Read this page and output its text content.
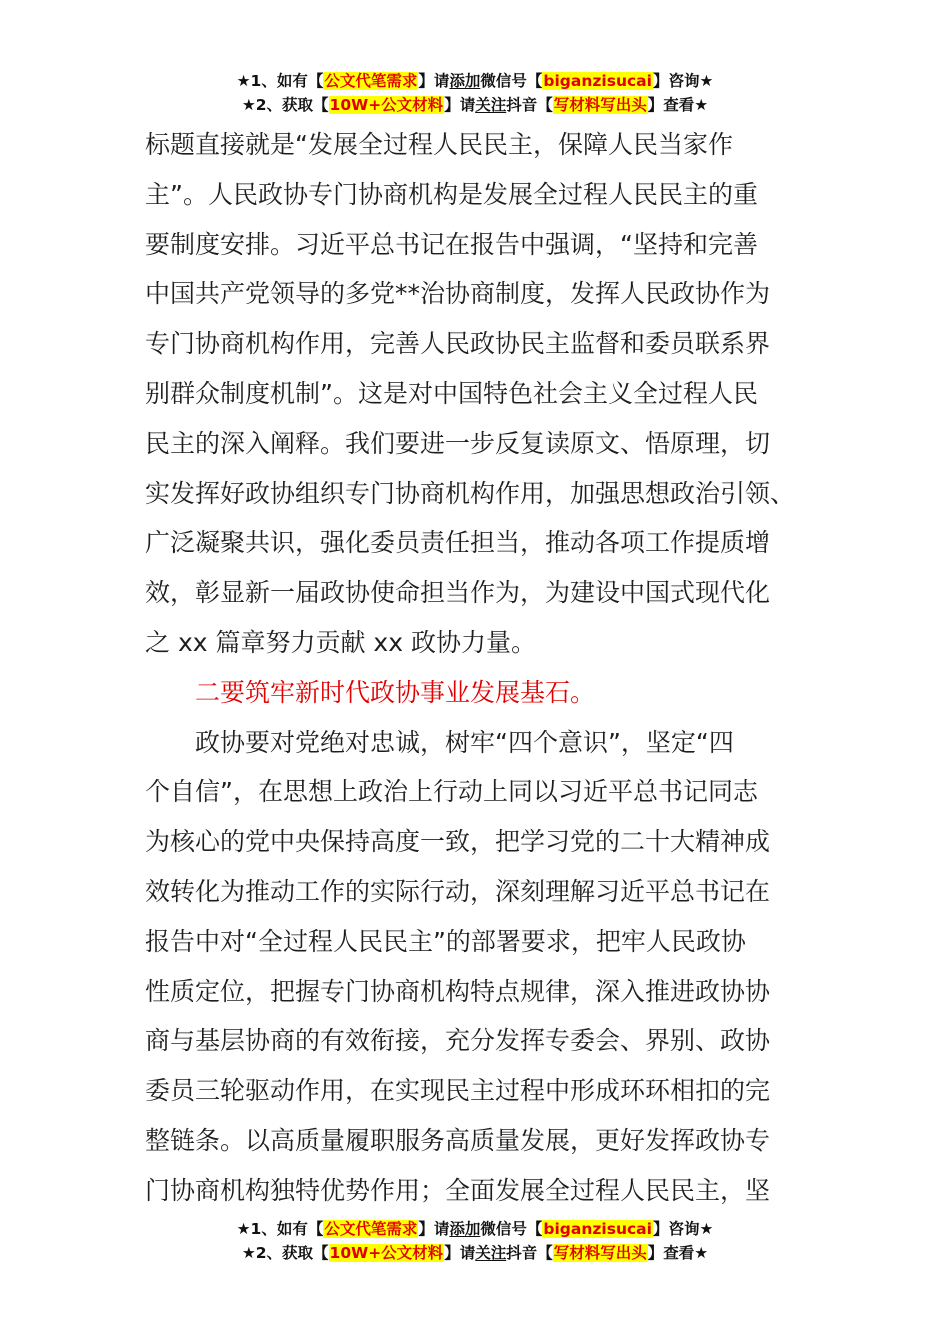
★1、如有【公文代笔需求】请添加微信号【biganzisucai】咨询★
★2、获取【10W+公文材料】请关注抖音【写材料写出头】查看★
标题直接就是“发展全过程人民民主，保障人民当家作
主”。人民政协专门协商机构是发展全过程人民民主的重
要制度安排。习近平总书记在报告中强调，“坚持和完善
中国共产党领导的多党**治协商制度，发挥人民政协作为
专门协商机构作用，完善人民政协民主监督和委员联系界
别群众制度机制”。这是对中国特色社会主义全过程人民
民主的深入阐释。我们要进一步反复读原文、悟原理，切
实发挥好政协组织专门协商机构作用，加强思想政治引领、
广泛凝聚共识，强化委员责任担当，推动各项工作提质增
效，彰显新一届政协使命担当作为，为建设中国式现代化
之 xx 篇章努力贡献 xx 政协力量。
二要筑牢新时代政协事业发展基石。
政协要对党绝对忠诚，树牢“四个意识”，坚定“四
个自信”，在思想上政治上行动上同以习近平总书记同志
为核心的党中央保持高度一致，把学习党的二十大精神成
效转化为推动工作的实际行动，深刻理解习近平总书记在
报告中对“全过程人民民主”的部署要求，把牢人民政协
性质定位，把握专门协商机构特点规律，深入推进政协协
商与基层协商的有效衔接，充分发挥专委会、界别、政协
委员三轮驱动作用，在实现民主过程中形成环环相扣的完
整链条。以高质量履职服务高质量发展，更好发挥政协专
门协商机构独特优势作用；全面发展全过程人民民主，坚
★1、如有【公文代笔需求】请添加微信号【biganzisucai】咨询★
★2、获取【10W+公文材料】请关注抖音【写材料写出头】查看★
